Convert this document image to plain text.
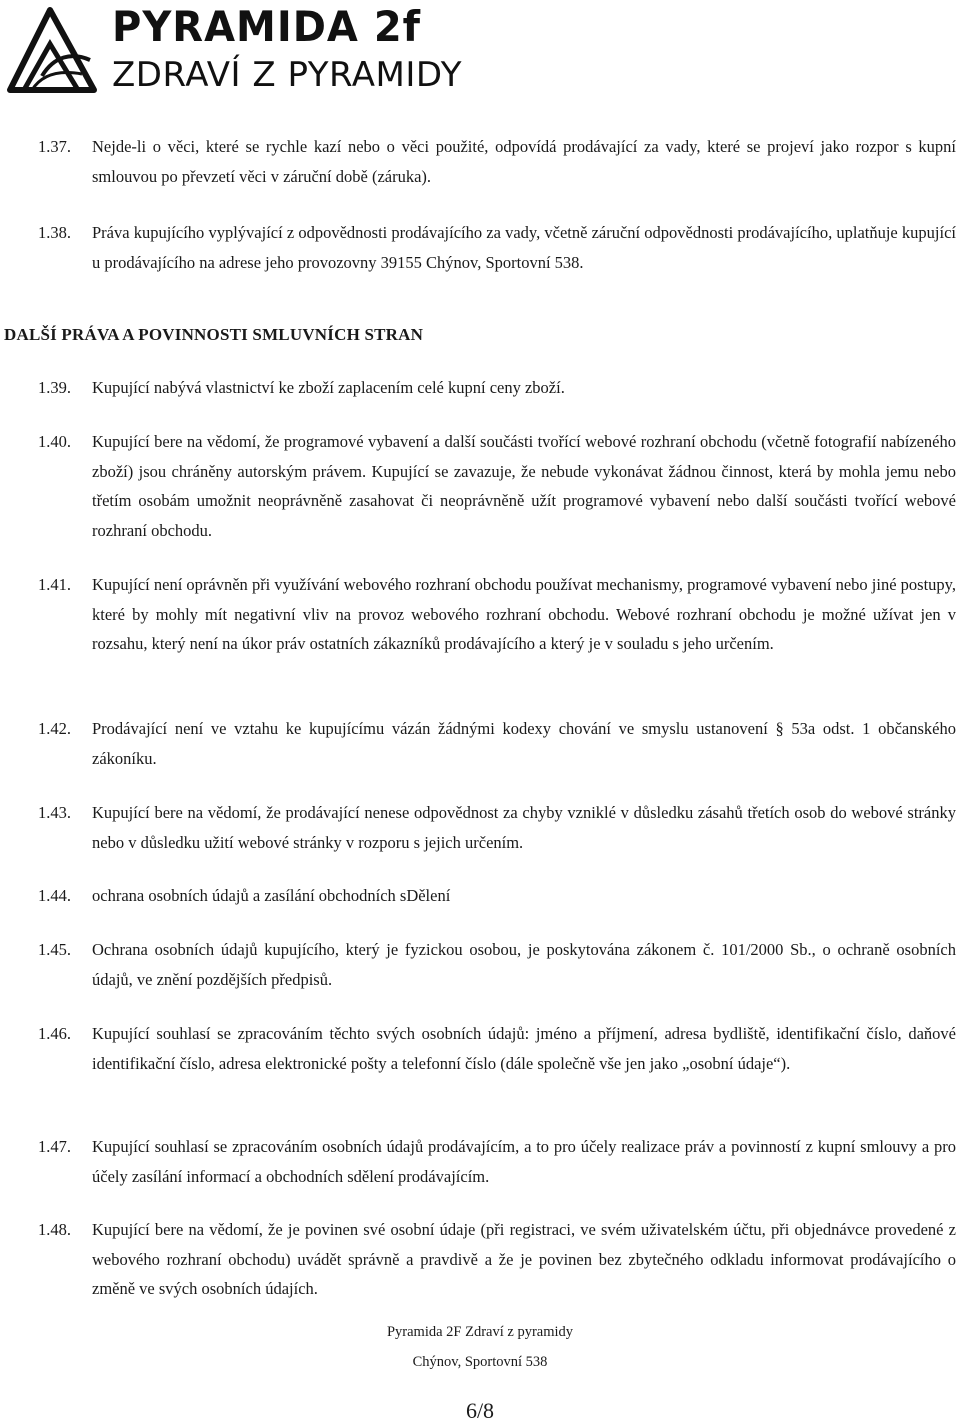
PYRAMIDA 2f
ZDRAVÍ Z PYRAMIDY
1.37. Nejde-li o věci, které se rychle kazí nebo o věci použité, odpovídá prodávající za vady, které se projeví jako rozpor s kupní smlouvou po převzetí věci v záruční době (záruka).
1.38. Práva kupujícího vyplývající z odpovědnosti prodávajícího za vady, včetně záruční odpovědnosti prodávajícího, uplatňuje kupující u prodávajícího na adrese jeho provozovny 39155 Chýnov, Sportovní 538.
DALŠÍ PRÁVA A POVINNOSTI SMLUVNÍCH STRAN
1.39. Kupující nabývá vlastnictví ke zboží zaplacením celé kupní ceny zboží.
1.40. Kupující bere na vědomí, že programové vybavení a další součásti tvořící webové rozhraní obchodu (včetně fotografií nabízeného zboží) jsou chráněny autorským právem. Kupující se zavazuje, že nebude vykonávat žádnou činnost, která by mohla jemu nebo třetím osobám umožnit neoprávněně zasahovat či neoprávněně užít programové vybavení nebo další součásti tvořící webové rozhraní obchodu.
1.41. Kupující není oprávněn při využívání webového rozhraní obchodu používat mechanismy, programové vybavení nebo jiné postupy, které by mohly mít negativní vliv na provoz webového rozhraní obchodu. Webové rozhraní obchodu je možné užívat jen v rozsahu, který není na úkor práv ostatních zákazníků prodávajícího a který je v souladu s jeho určením.
1.42. Prodávající není ve vztahu ke kupujícímu vázán žádnými kodexy chování ve smyslu ustanovení § 53a odst. 1 občanského zákoníku.
1.43. Kupující bere na vědomí, že prodávající nenese odpovědnost za chyby vzniklé v důsledku zásahů třetích osob do webové stránky nebo v důsledku užití webové stránky v rozporu s jejich určením.
1.44. ochrana osobních údajů a zasílání obchodních sDělení
1.45. Ochrana osobních údajů kupujícího, který je fyzickou osobou, je poskytována zákonem č. 101/2000 Sb., o ochraně osobních údajů, ve znění pozdějších předpisů.
1.46. Kupující souhlasí se zpracováním těchto svých osobních údajů: jméno a příjmení, adresa bydliště, identifikační číslo, daňové identifikační číslo, adresa elektronické pošty a telefonní číslo (dále společně vše jen jako „osobní údaje“).
1.47. Kupující souhlasí se zpracováním osobních údajů prodávajícím, a to pro účely realizace práv a povinností z kupní smlouvy a pro účely zasílání informací a obchodních sdělení prodávajícím.
1.48. Kupující bere na vědomí, že je povinen své osobní údaje (při registraci, ve svém uživatelském účtu, při objednávce provedené z webového rozhraní obchodu) uvádět správně a pravdivě a že je povinen bez zbytečného odkladu informovat prodávajícího o změně ve svých osobních údajích.
Pyramida 2F Zdraví z pyramidy
Chýnov, Sportovní 538
6/8
